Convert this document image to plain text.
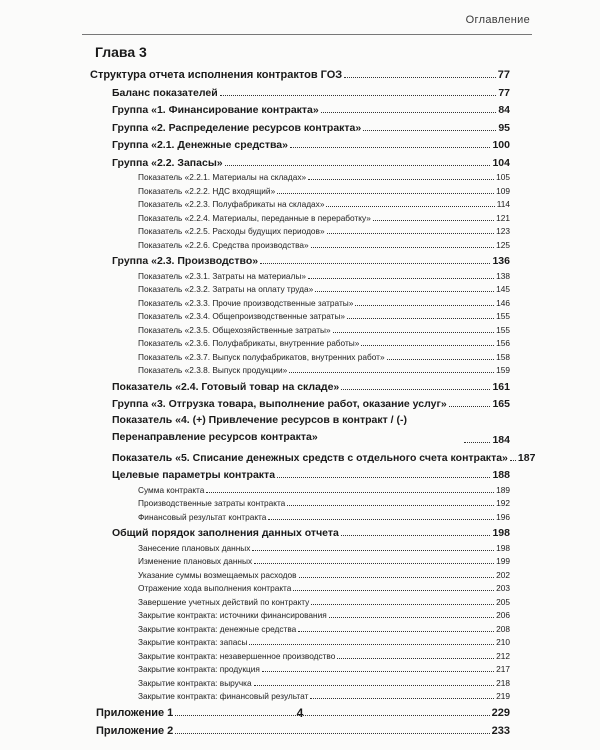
Оглавление
Глава 3
Структура отчета исполнения контрактов ГОЗ	77
Баланс показателей	77
Группа «1. Финансирование контракта»	84
Группа «2. Распределение ресурсов контракта»	95
Группа «2.1. Денежные средства»	100
Группа «2.2. Запасы»	104
Показатель «2.2.1. Материалы на складах»	105
Показатель «2.2.2. НДС входящий»	109
Показатель «2.2.3. Полуфабрикаты на складах»	114
Показатель «2.2.4. Материалы, переданные в переработку»	121
Показатель «2.2.5. Расходы будущих периодов»	123
Показатель «2.2.6. Средства производства»	125
Группа «2.3. Производство»	136
Показатель «2.3.1. Затраты на материалы»	138
Показатель «2.3.2. Затраты на оплату труда»	145
Показатель «2.3.3. Прочие производственные затраты»	146
Показатель «2.3.4. Общепроизводственные затраты»	155
Показатель «2.3.5. Общехозяйственные затраты»	155
Показатель «2.3.6. Полуфабрикаты, внутренние работы»	156
Показатель «2.3.7. Выпуск полуфабрикатов, внутренних работ»	158
Показатель «2.3.8. Выпуск продукции»	159
Показатель «2.4. Готовый товар на складе»	161
Группа «3. Отгрузка товара, выполнение работ, оказание услуг»	165
Показатель «4. (+) Привлечение ресурсов в контракт / (-) Перенаправление ресурсов контракта»	184
Показатель «5. Списание денежных средств с отдельного счета контракта» 187
Целевые параметры контракта	188
Сумма контракта	189
Производственные затраты контракта	192
Финансовый результат контракта	196
Общий порядок заполнения данных отчета	198
Занесение плановых данных	198
Изменение плановых данных	199
Указание суммы возмещаемых расходов	202
Отражение хода выполнения контракта	203
Завершение учетных действий по контракту	205
Закрытие контракта: источники финансирования	206
Закрытие контракта: денежные средства	208
Закрытие контракта: запасы	210
Закрытие контракта: незавершенное производство	212
Закрытие контракта: продукция	217
Закрытие контракта: выручка	218
Закрытие контракта: финансовый результат	219
Приложение 1	229
Приложение 2	233
4
